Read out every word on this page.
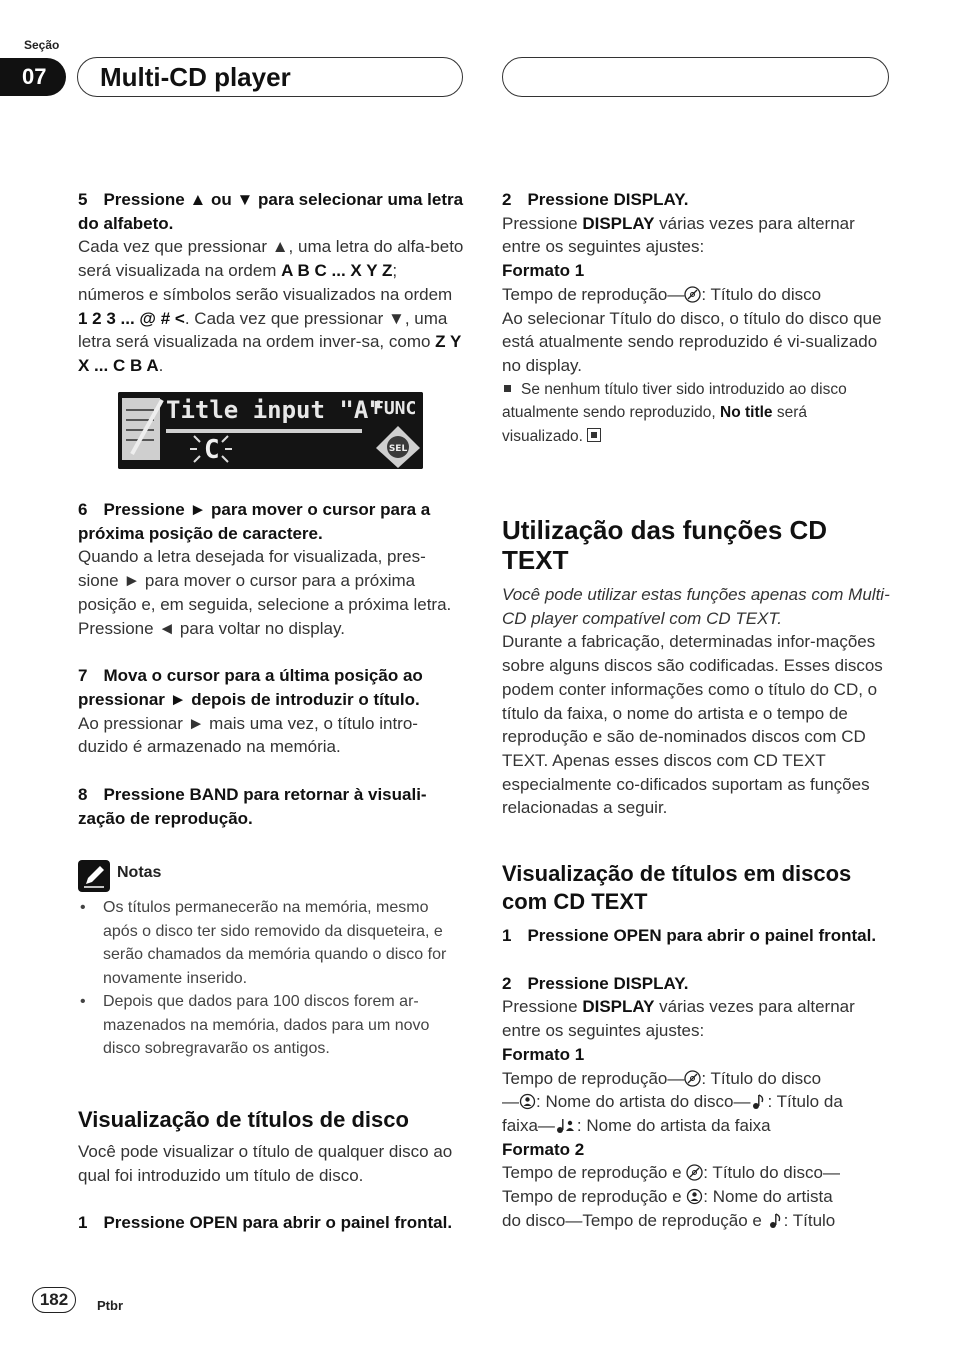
Seção
07	Multi-CD player

5 Pressione ▲ ou ▼ para selecionar uma letra do alfabeto.

Cada vez que pressionar ▲, uma letra do alfa-beto será visualizada na ordem A B C ... X Y Z; números e símbolos serão visualizados na ordem 1 2 3 ... @ # <. Cada vez que pressionar ▼, uma letra será visualizada na ordem inver-sa, como Z Y X ... C B A.

Title input "A"
FUNC
C	SEL

6 Pressione ► para mover o cursor para a próxima posição de caractere.

Quando a letra desejada for visualizada, pres-sione ► para mover o cursor para a próxima posição e, em seguida, selecione a próxima letra. Pressione ◄ para voltar no display.

7 Mova o cursor para a última posição ao pressionar ► depois de introduzir o título.

Ao pressionar ► mais uma vez, o título intro-duzido é armazenado na memória.

8 Pressione BAND para retornar à visuali-zação de reprodução.

Notas
• Os títulos permanecerão na memória, mesmo após o disco ter sido removido da disqueteira, e serão chamados da memória quando o disco for novamente inserido.
• Depois que dados para 100 discos forem ar-mazenados na memória, dados para um novo disco sobregravarão os antigos.

Visualização de títulos de disco

Você pode visualizar o título de qualquer disco ao qual foi introduzido um título de disco.

1 Pressione OPEN para abrir o painel frontal.

2 Pressione DISPLAY.

Pressione DISPLAY várias vezes para alternar entre os seguintes ajustes:

Formato 1

Tempo de reprodução— : Título do disco

Ao selecionar Título do disco, o título do disco que está atualmente sendo reproduzido é vi-sualizado no display.

Se nenhum título tiver sido introduzido ao disco atualmente sendo reproduzido, No title será visualizado.

Utilização das funções CD TEXT

Você pode utilizar estas funções apenas com Multi-CD player compatível com CD TEXT.

Durante a fabricação, determinadas infor-mações sobre alguns discos são codificadas. Esses discos podem conter informações como o título do CD, o título da faixa, o nome do artista e o tempo de reprodução e são de-nominados discos com CD TEXT. Apenas esses discos com CD TEXT especialmente co-dificados suportam as funções relacionadas a seguir.

Visualização de títulos em discos com CD TEXT

1 Pressione OPEN para abrir o painel frontal.

2 Pressione DISPLAY.

Pressione DISPLAY várias vezes para alternar entre os seguintes ajustes:

Formato 1

Tempo de reprodução— : Título do disco

— : Nome do artista do disco— : Título da

faixa— : Nome do artista da faixa

Formato 2

Tempo de reprodução e : Título do disco—

Tempo de reprodução e : Nome do artista

do disco—Tempo de reprodução e : Título

182	Ptbr
